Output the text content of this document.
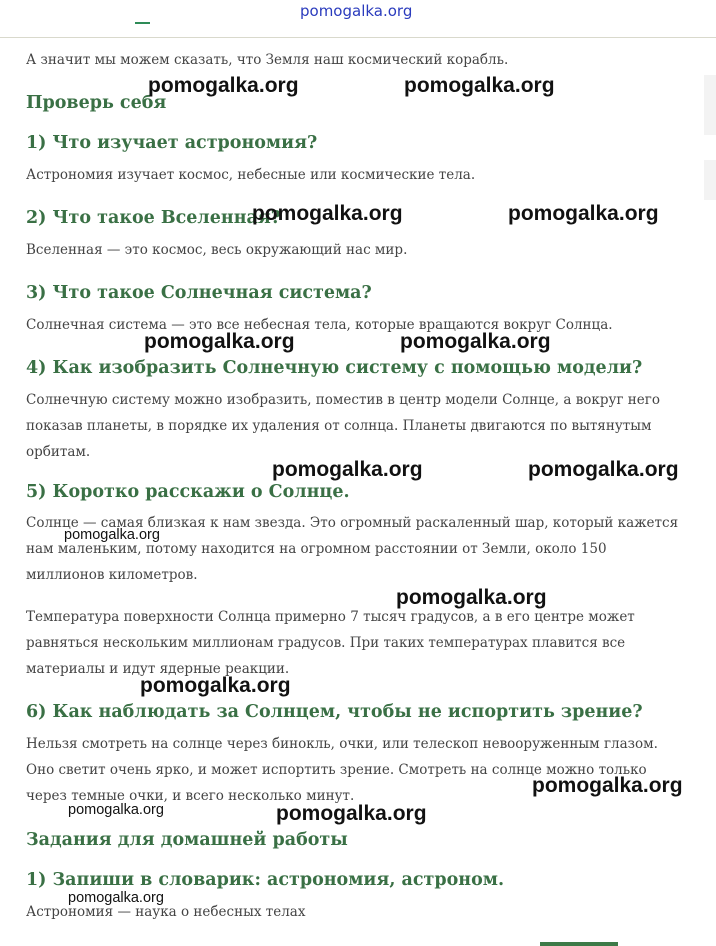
pomogalka.org

А значит мы можем сказать, что Земля наш космический корабль.

Проверь себя
1) Что изучает астрономия?

Астрономия изучает космос, небесные или космические тела.

2) Что такое Вселенная?

Вселенная — это космос, весь окружающий нас мир.

3) Что такое Солнечная система?

Солнечная система — это все небесная тела, которые вращаются вокруг Солнца.

4) Как изобразить Солнечную систему с помощью модели?

Солнечную систему можно изобразить, поместив в центр модели Солнце, а вокруг него показав планеты, в порядке их удаления от солнца. Планеты двигаются по вытянутым орбитам.

5) Коротко расскажи о Солнце.

Солнце — самая близкая к нам звезда. Это огромный раскаленный шар, который кажется нам маленьким, потому находится на огромном расстоянии от Земли, около 150 миллионов километров.

Температура поверхности Солнца примерно 7 тысяч градусов, а в его центре может равняться нескольким миллионам градусов. При таких температурах плавится все материалы и идут ядерные реакции.

6) Как наблюдать за Солнцем, чтобы не испортить зрение?

Нельзя смотреть на солнце через бинокль, очки, или телескоп невооруженным глазом. Оно светит очень ярко, и может испортить зрение. Смотреть на солнце можно только через темные очки, и всего несколько минут.

Задания для домашней работы
1) Запиши в словарик: астрономия, астроном.

Астрономия — наука о небесных телах

pomogalka.org	pomogalka.org
pomogalka.org	pomogalka.org
pomogalka.org	pomogalka.org
pomogalka.org	pomogalka.org
pomogalka.org
pomogalka.org
pomogalka.org
pomogalka.org
pomogalka.org	pomogalka.org
pomogalka.org
